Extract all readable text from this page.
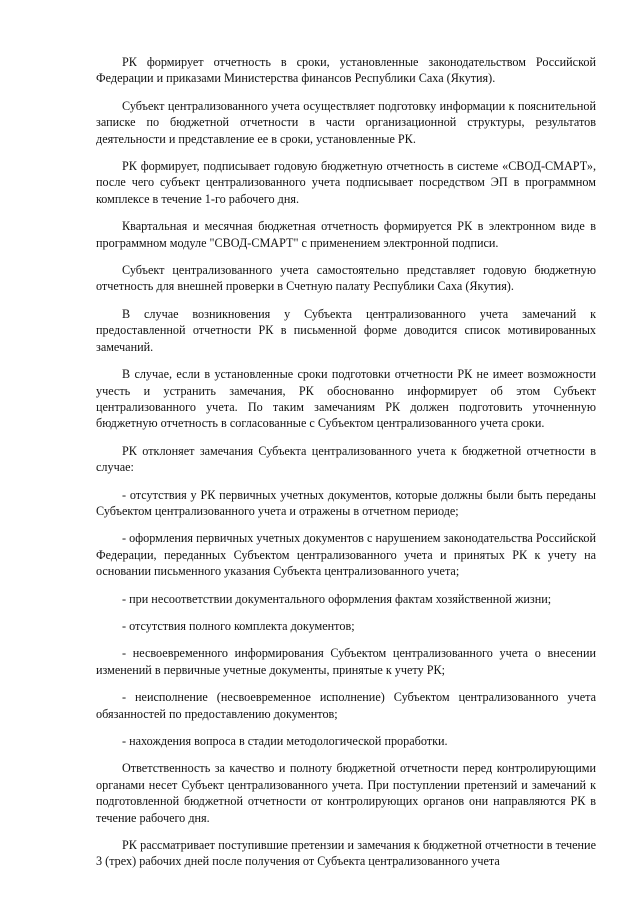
РК формирует отчетность в сроки, установленные законодательством Российской Федерации и приказами Министерства финансов Республики Саха (Якутия).

Субъект централизованного учета осуществляет подготовку информации к пояснительной записке по бюджетной отчетности в части организационной структуры, результатов деятельности и представление ее в сроки, установленные РК.

РК формирует, подписывает годовую бюджетную отчетность в системе «СВОД-СМАРТ», после чего субъект централизованного учета подписывает посредством ЭП в программном комплексе в течение 1-го рабочего дня.

Квартальная и месячная бюджетная отчетность формируется РК в электронном виде в программном модуле "СВОД-СМАРТ" с применением электронной подписи.

Субъект централизованного учета самостоятельно представляет годовую бюджетную отчетность для внешней проверки в Счетную палату Республики Саха (Якутия).

В случае возникновения у Субъекта централизованного учета замечаний к предоставленной отчетности РК в письменной форме доводится список мотивированных замечаний.

В случае, если в установленные сроки подготовки отчетности РК не имеет возможности учесть и устранить замечания, РК обоснованно информирует об этом Субъект централизованного учета. По таким замечаниям РК должен подготовить уточненную бюджетную отчетность в согласованные с Субъектом централизованного учета сроки.

РК отклоняет замечания Субъекта централизованного учета к бюджетной отчетности в случае:

- отсутствия у РК первичных учетных документов, которые должны были быть переданы Субъектом централизованного учета и отражены в отчетном периоде;

- оформления первичных учетных документов с нарушением законодательства Российской Федерации, переданных Субъектом централизованного учета и принятых РК к учету на основании письменного указания Субъекта централизованного учета;

- при несоответствии документального оформления фактам хозяйственной жизни;

- отсутствия полного комплекта документов;

- несвоевременного информирования Субъектом централизованного учета о внесении изменений в первичные учетные документы, принятые к учету РК;

- неисполнение (несвоевременное исполнение) Субъектом централизованного учета обязанностей по предоставлению документов;

- нахождения вопроса в стадии методологической проработки.

Ответственность за качество и полноту бюджетной отчетности перед контролирующими органами несет Субъект централизованного учета. При поступлении претензий и замечаний к подготовленной бюджетной отчетности от контролирующих органов они направляются РК в течение рабочего дня.

РК рассматривает поступившие претензии и замечания к бюджетной отчетности в течение 3 (трех) рабочих дней после получения от Субъекта централизованного учета
